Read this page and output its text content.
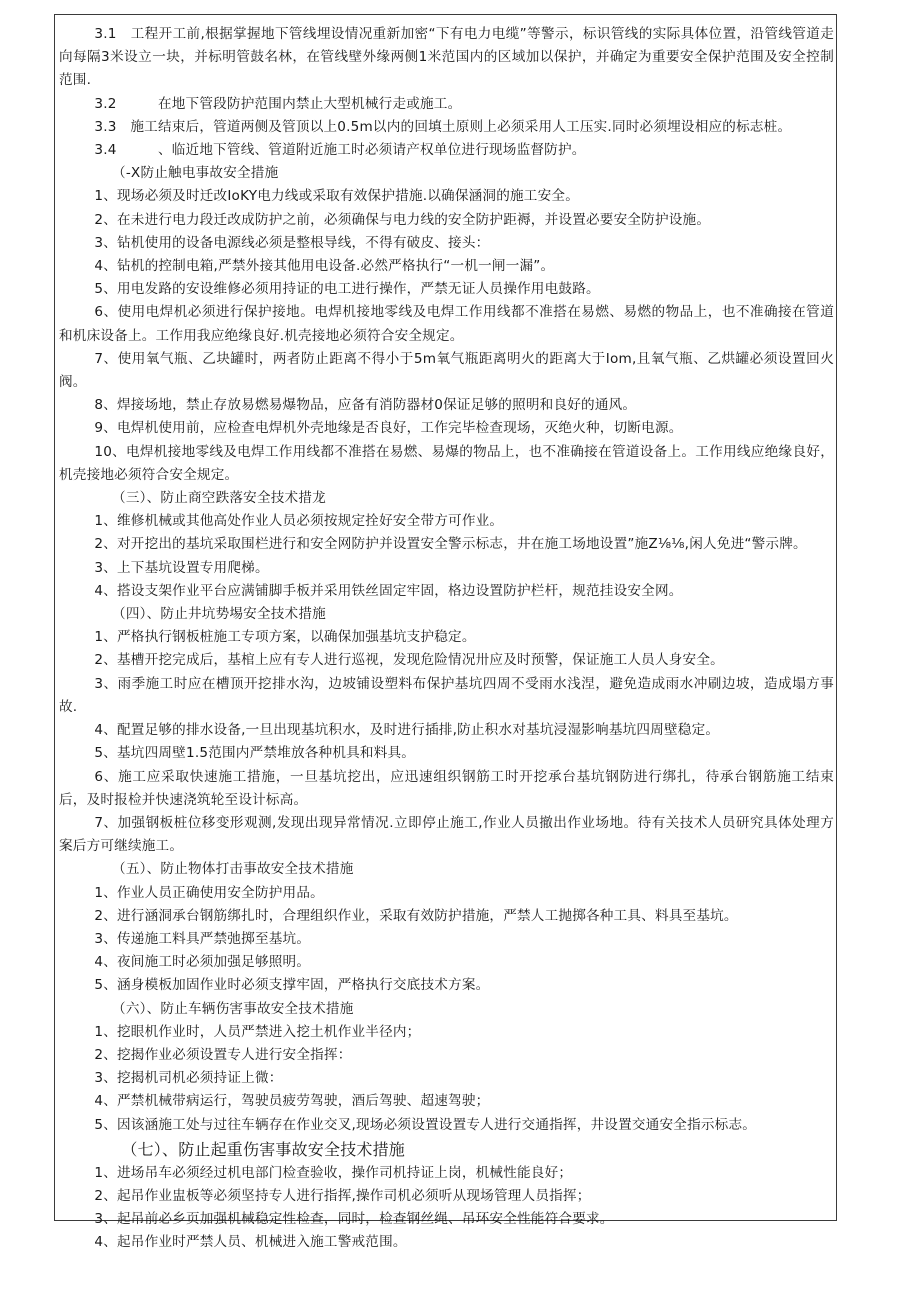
3.1　工程开工前,根据掌握地下管线埋设情况重新加密“下有电力电缆”等警示，标识管线的实际具体位置，沿管线管道走向每隔3米设立一块，并标明管鼓名林，在管线壁外缘两侧1米范国内的区域加以保护，并确定为重要安全保护范围及安全控制范围.

3.2　　　在地下管段防护范围内禁止大型机械行走或施工。

3.3　施工结束后，管道两侧及管顶以上0.5m以内的回填土原则上必须采用人工压实.同时必须埋设相应的标志桩。

3.4　　　、临近地下管线、管道附近施工时必须请产权单位进行现场监督防护。

（-X防止触电事故安全措施

1、现场必须及时迁改IoKY电力线或采取有效保护措施.以确保涵洞的施工安全。

2、在未进行电力段迁改成防护之前，必须确保与电力线的安全防护距褥，并设置必要安全防护设施。

3、钻机使用的设备电源线必须是整根导线，不得有破皮、接头：

4、钻机的控制电箱,严禁外接其他用电设备.必然严格执行“一机一闸一漏”。

5、用电发路的安设维修必须用持证的电工进行操作，严禁无证人员操作用电鼓路。

6、使用电焊机必须进行保护接地。电焊机接地零线及电焊工作用线都不准搭在易燃、易燃的物品上，也不准确接在管道和机床设备上。工作用我应绝缘良好.机壳接地必须符合安全规定。

7、使用氧气瓶、乙块罐时，两者防止距离不得小于5m氧气瓶距离明火的距离大于Iom,且氧气瓶、乙烘罐必须设置回火阀。

8、焊接场地，禁止存放易燃易爆物品，应备有消防器材0保证足够的照明和良好的通风。

9、电焊机使用前，应检查电焊机外壳地缘是否良好，工作完毕检查现场，灭绝火种，切断电源。

10、电焊机接地零线及电焊工作用线都不准搭在易燃、易爆的物品上，也不准确接在管道设备上。工作用线应绝缘良好，机壳接地必须符合安全规定。

（三）、防止商空跌落安全技术措龙

1、维修机械或其他高处作业人员必须按规定拴好安全带方可作业。

2、对开挖出的基坑采取围栏进行和安全网防护并设置安全警示标志，井在施工场地设置”施Z⅛⅛,闲人免进“警示牌。

3、上下基坑设置专用爬梯。

4、搭设支架作业平台应满铺脚手板并采用铁丝固定牢固，格边设置防护栏杆，规范挂设安全网。

（四）、防止井坑势埸安全技术措施

1、严格执行钢板桩施工专项方案，以确保加强基坑支护稳定。

2、基槽开挖完成后，基棺上应有专人进行巡视，发现危险情况卅应及时预警，保证施工人员人身安全。

3、雨季施工时应在槽顶开挖排水沟，边坡铺设塑料布保护基坑四周不受雨水浅涅，避免造成雨水冲刷边坡，造成塌方事故.

4、配置足够的排水设备,一旦出现基坑积水，及时进行插排,防止积水对基坑浸湿影响基坑四周壁稳定。

5、基坑四周壁1.5范围内严禁堆放各种机具和料具。

6、施工应采取快速施工措施，一旦基坑挖出，应迅速组织钢筋工时开挖承台基坑钢防进行绑扎，待承台钢筋施工结束后，及时报检并快速浇筑轮至设计标高。

7、加强钢板桩位移变形观测,发现出现异常情况.立即停止施工,作业人员撤出作业场地。待有关技术人员研究具体处理方案后方可继续施工。

（五）、防止物体打击事故安全技术措施

1、作业人员正确使用安全防护用品。

2、进行涵洞承台钢筋绑扎时，合理组织作业，采取有效防护措施，严禁人工抛掷各种工具、料具至基坑。

3、传递施工料具严禁弛掷至基坑。

4、夜间施工时必须加强足够照明。

5、涵身模板加固作业时必须支撑牢固，严格执行交底技术方案。

（六）、防止车辆伤害事故安全技术措施

1、挖眼机作业时，人员严禁进入挖土机作业半径内；

2、挖揭作业必须设置专人进行安全指挥：

3、挖揭机司机必须持证上微：

4、严禁机械带病运行，驾驶员疲劳驾驶，酒后驾驶、超速驾驶；

5、因该涵施工处与过往车辆存在作业交叉,现场必须设置设置专人进行交通指挥，井设置交通安全指示标志。

（七）、防止起重伤害事故安全技术措施

1、进场吊车必须经过机电部门检查验收，操作司机持证上岗，机械性能良好；

2、起吊作业盅板等必须坚持专人进行指挥,操作司机必须听从现场管理人员指挥；

3、起吊前必乡页加强机械稳定性检查，同时，检查钢丝绳、吊环安全性能符合要求。

4、起吊作业时严禁人员、机械进入施工警戒范围。
